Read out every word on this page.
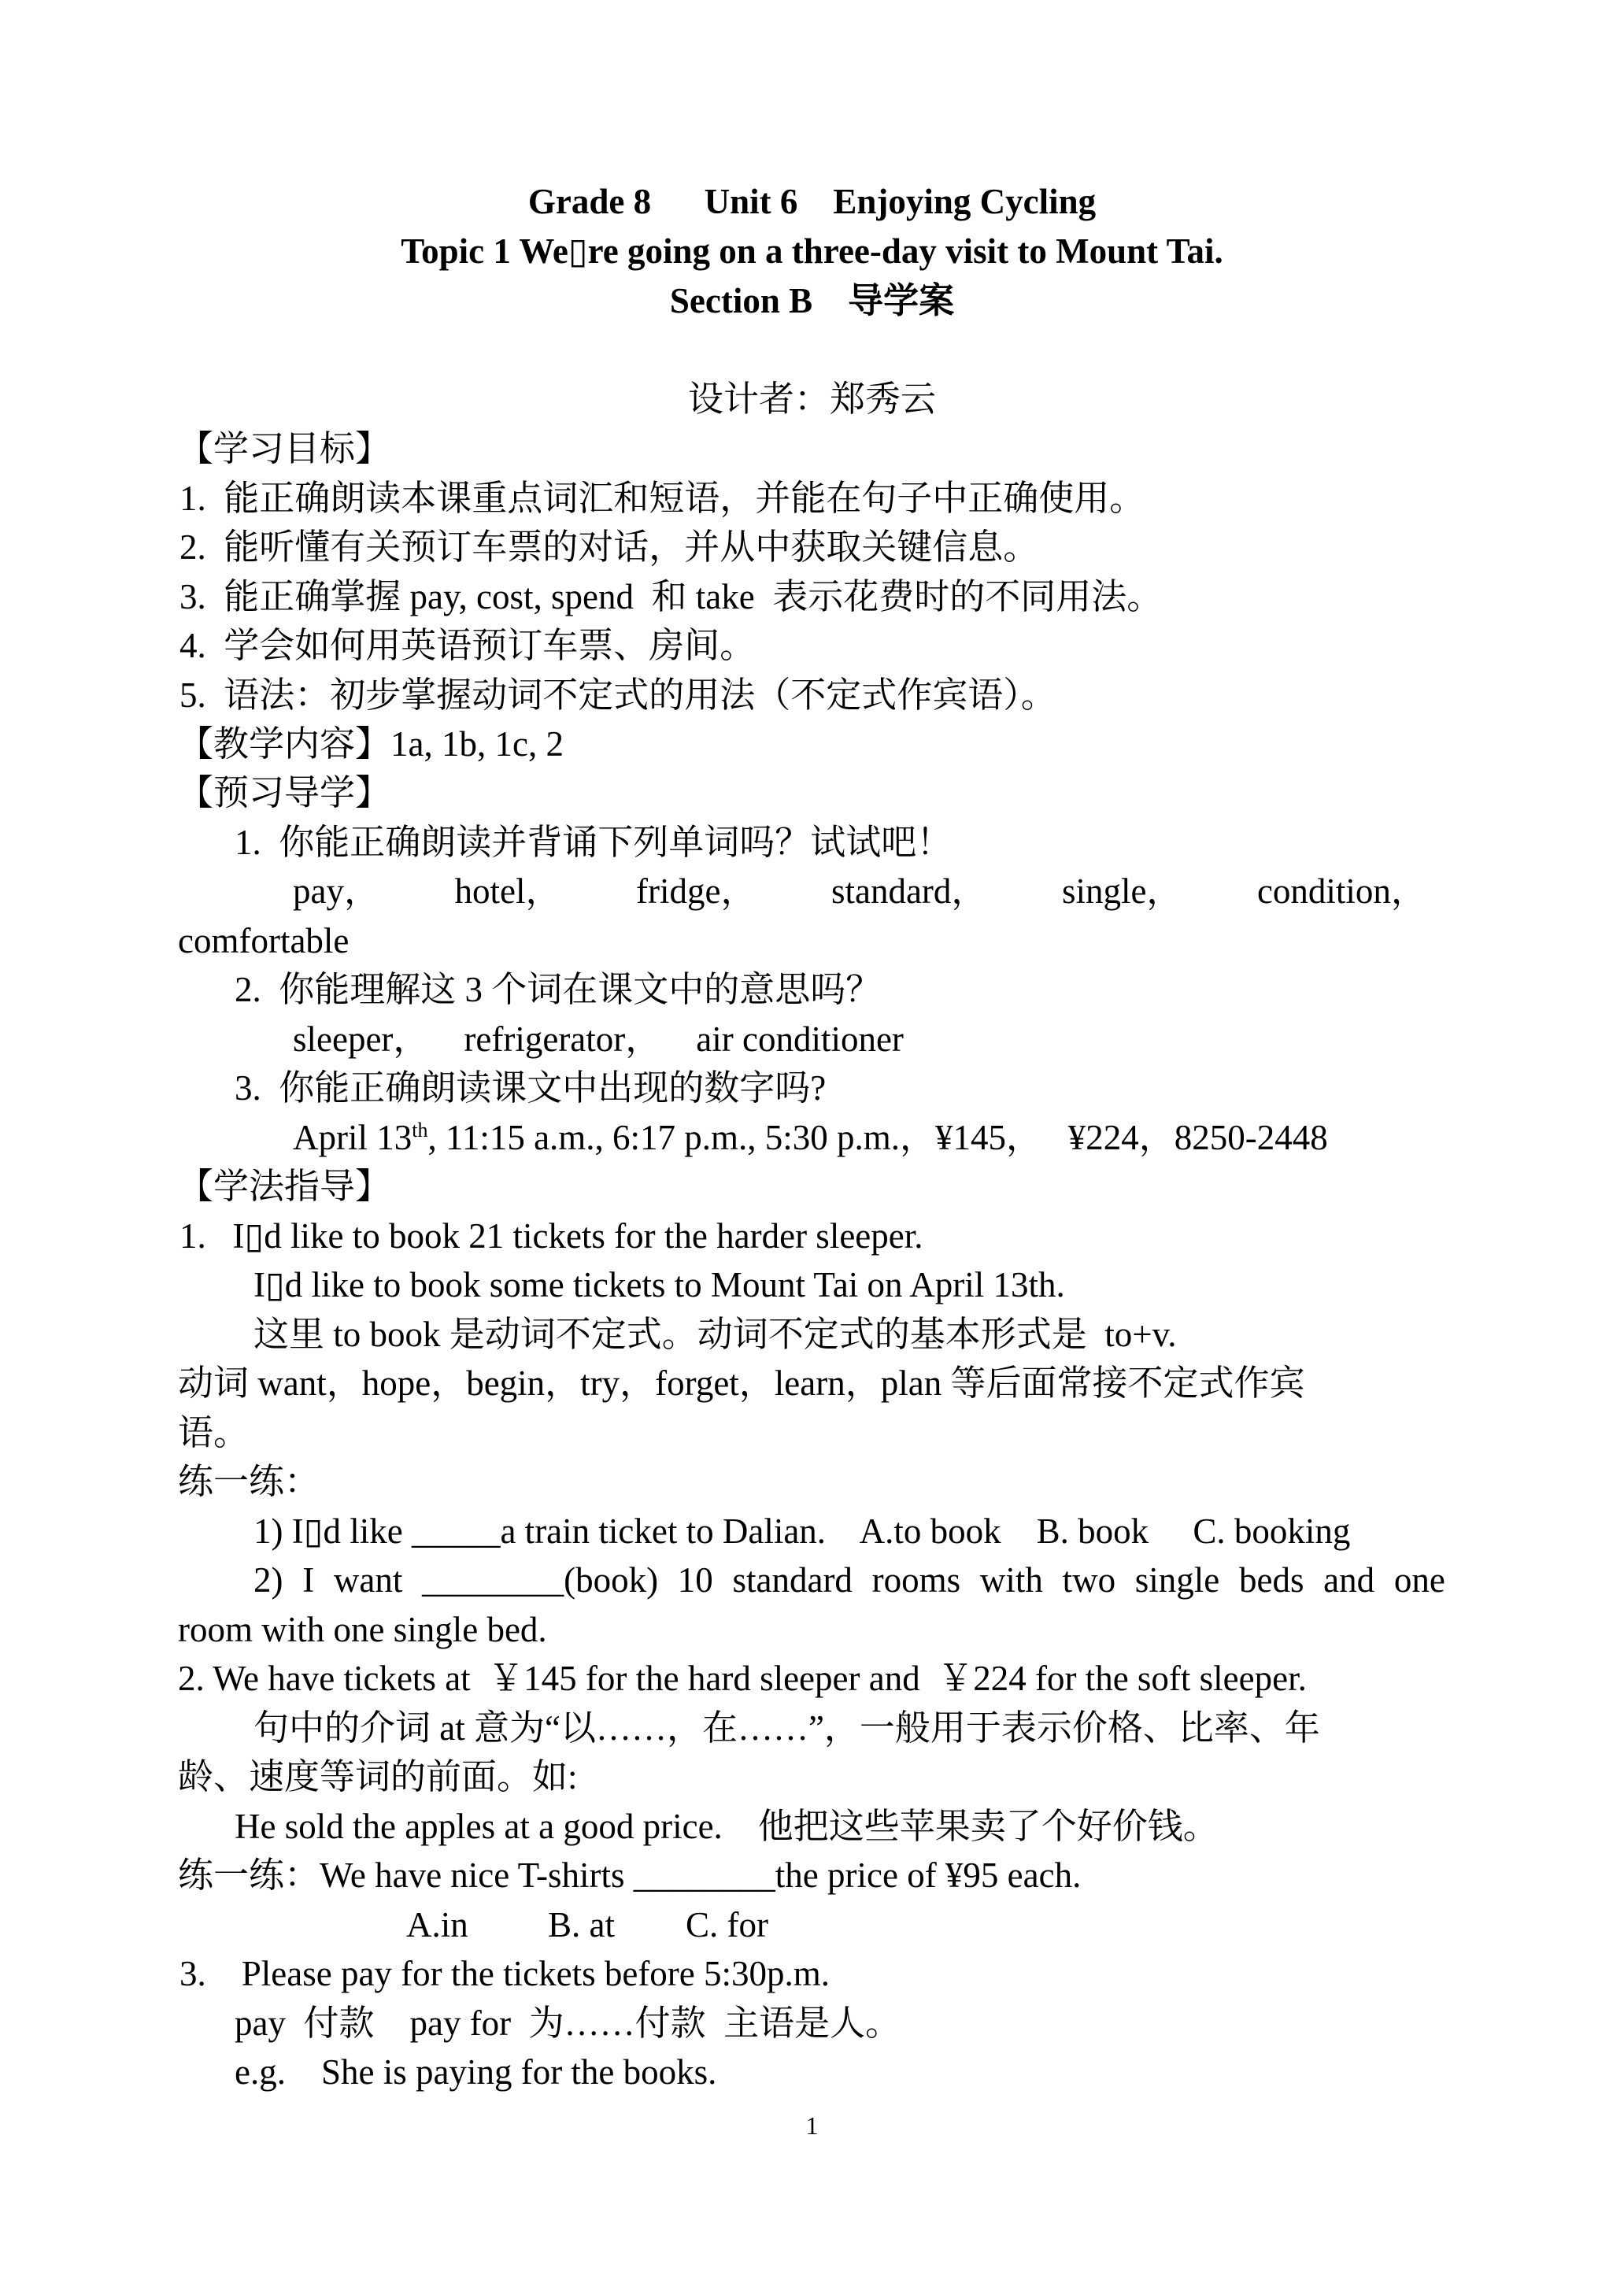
Grade 8      Unit 6    Enjoying Cycling
Topic 1 We▯re going on a three-day visit to Mount Tai.
Section B    导学案
设计者：郑秀云
【学习目标】
1.  能正确朗读本课重点词汇和短语，并能在句子中正确使用。
2.  能听懂有关预订车票的对话，并从中获取关键信息。
3.  能正确掌握 pay, cost, spend  和 take  表示花费时的不同用法。
4.  学会如何用英语预订车票、房间。
5.  语法：初步掌握动词不定式的用法（不定式作宾语）。
【教学内容】1a, 1b, 1c, 2
【预习导学】
1.  你能正确朗读并背诵下列单词吗？试试吧！
pay， hotel， fridge， standard， single， condition，
comfortable
2.  你能理解这 3 个词在课文中的意思吗？
sleeper，    refrigerator，    air conditioner
3.  你能正确朗读课文中出现的数字吗?
April 13th, 11:15 a.m., 6:17 p.m., 5:30 p.m.，¥145，   ¥224，8250-2448
【学法指导】
1.   I▯d like to book 21 tickets for the harder sleeper.
I▯d like to book some tickets to Mount Tai on April 13th.
这里 to book 是动词不定式。动词不定式的基本形式是  to+v.
动词 want，hope，begin，try，forget，learn，plan 等后面常接不定式作宾
语。
练一练：
1) I▯d like _____a train ticket to Dalian.    A.to book    B. book     C. booking
2) I want ________(book) 10 standard rooms with two single beds and one
room with one single bed.
2. We have tickets at  ￥145 for the hard sleeper and  ￥224 for the soft sleeper.
句中的介词 at 意为“以……，在……”，一般用于表示价格、比率、年
龄、速度等词的前面。如:
He sold the apples at a good price.    他把这些苹果卖了个好价钱。
练一练：We have nice T-shirts ________the price of ¥95 each.
A.in         B. at        C. for
3.    Please pay for the tickets before 5:30p.m.
pay  付款    pay for  为……付款  主语是人。
e.g.    She is paying for the books.
1
